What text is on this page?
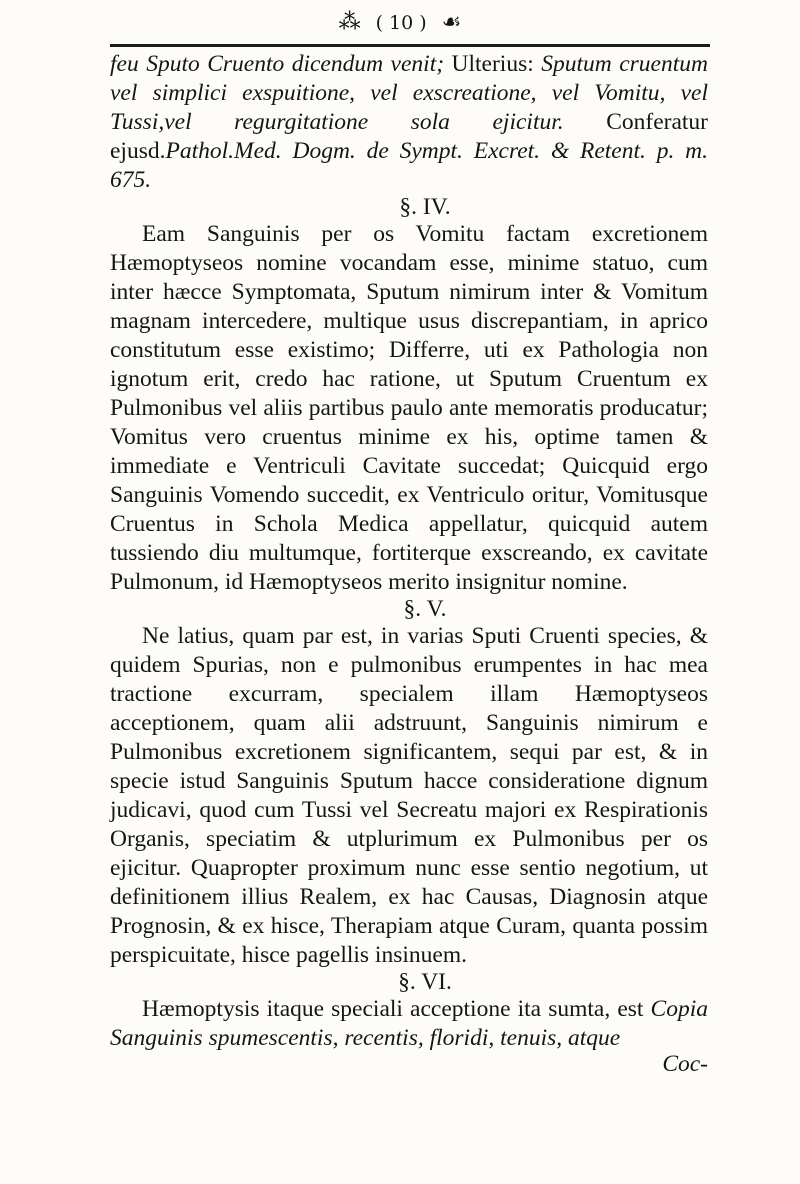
⁂ ( 10 ) ☙

feu Sputo Cruento dicendum venit; Ulterius: Sputum cruentum vel simplici exspuitione, vel exscreatione, vel Vomitu, vel Tussi,vel regurgitatione sola ejicitur. Conferatur ejusd.Pathol.Med. Dogm. de Sympt. Excret. & Retent. p. m. 675.

§. IV.

Eam Sanguinis per os Vomitu factam excretionem Hæmoptyseos nomine vocandam esse, minime statuo, cum inter hæcce Symptomata, Sputum nimirum inter & Vomitum magnam intercedere, multique usus discrepantiam, in aprico constitutum esse existimo; Differre, uti ex Pathologia non ignotum erit, credo hac ratione, ut Sputum Cruentum ex Pulmonibus vel aliis partibus paulo ante memoratis producatur; Vomitus vero cruentus minime ex his, optime tamen & immediate e Ventriculi Cavitate succedat; Quicquid ergo Sanguinis Vomendo succedit, ex Ventriculo oritur, Vomitusque Cruentus in Schola Medica appellatur, quicquid autem tussiendo diu multumque, fortiterque exscreando, ex cavitate Pulmonum, id Hæmoptyseos merito insignitur nomine.

§. V.

Ne latius, quam par est, in varias Sputi Cruenti species, & quidem Spurias, non e pulmonibus erumpentes in hac mea tractione excurram, specialem illam Hæmoptyseos acceptionem, quam alii adstruunt, Sanguinis nimirum e Pulmonibus excretionem significantem, sequi par est, & in specie istud Sanguinis Sputum hacce consideratione dignum judicavi, quod cum Tussi vel Secreatu majori ex Respirationis Organis, speciatim & utplurimum ex Pulmonibus per os ejicitur. Quapropter proximum nunc esse sentio negotium, ut definitionem illius Realem, ex hac Causas, Diagnosin atque Prognosin, & ex hisce, Therapiam atque Curam, quanta possim perspicuitate, hisce pagellis insinuem.

§. VI.

Hæmoptysis itaque speciali acceptione ita sumta, est Copia Sanguinis spumescentis, recentis, floridi, tenuis, atque

Coc-
